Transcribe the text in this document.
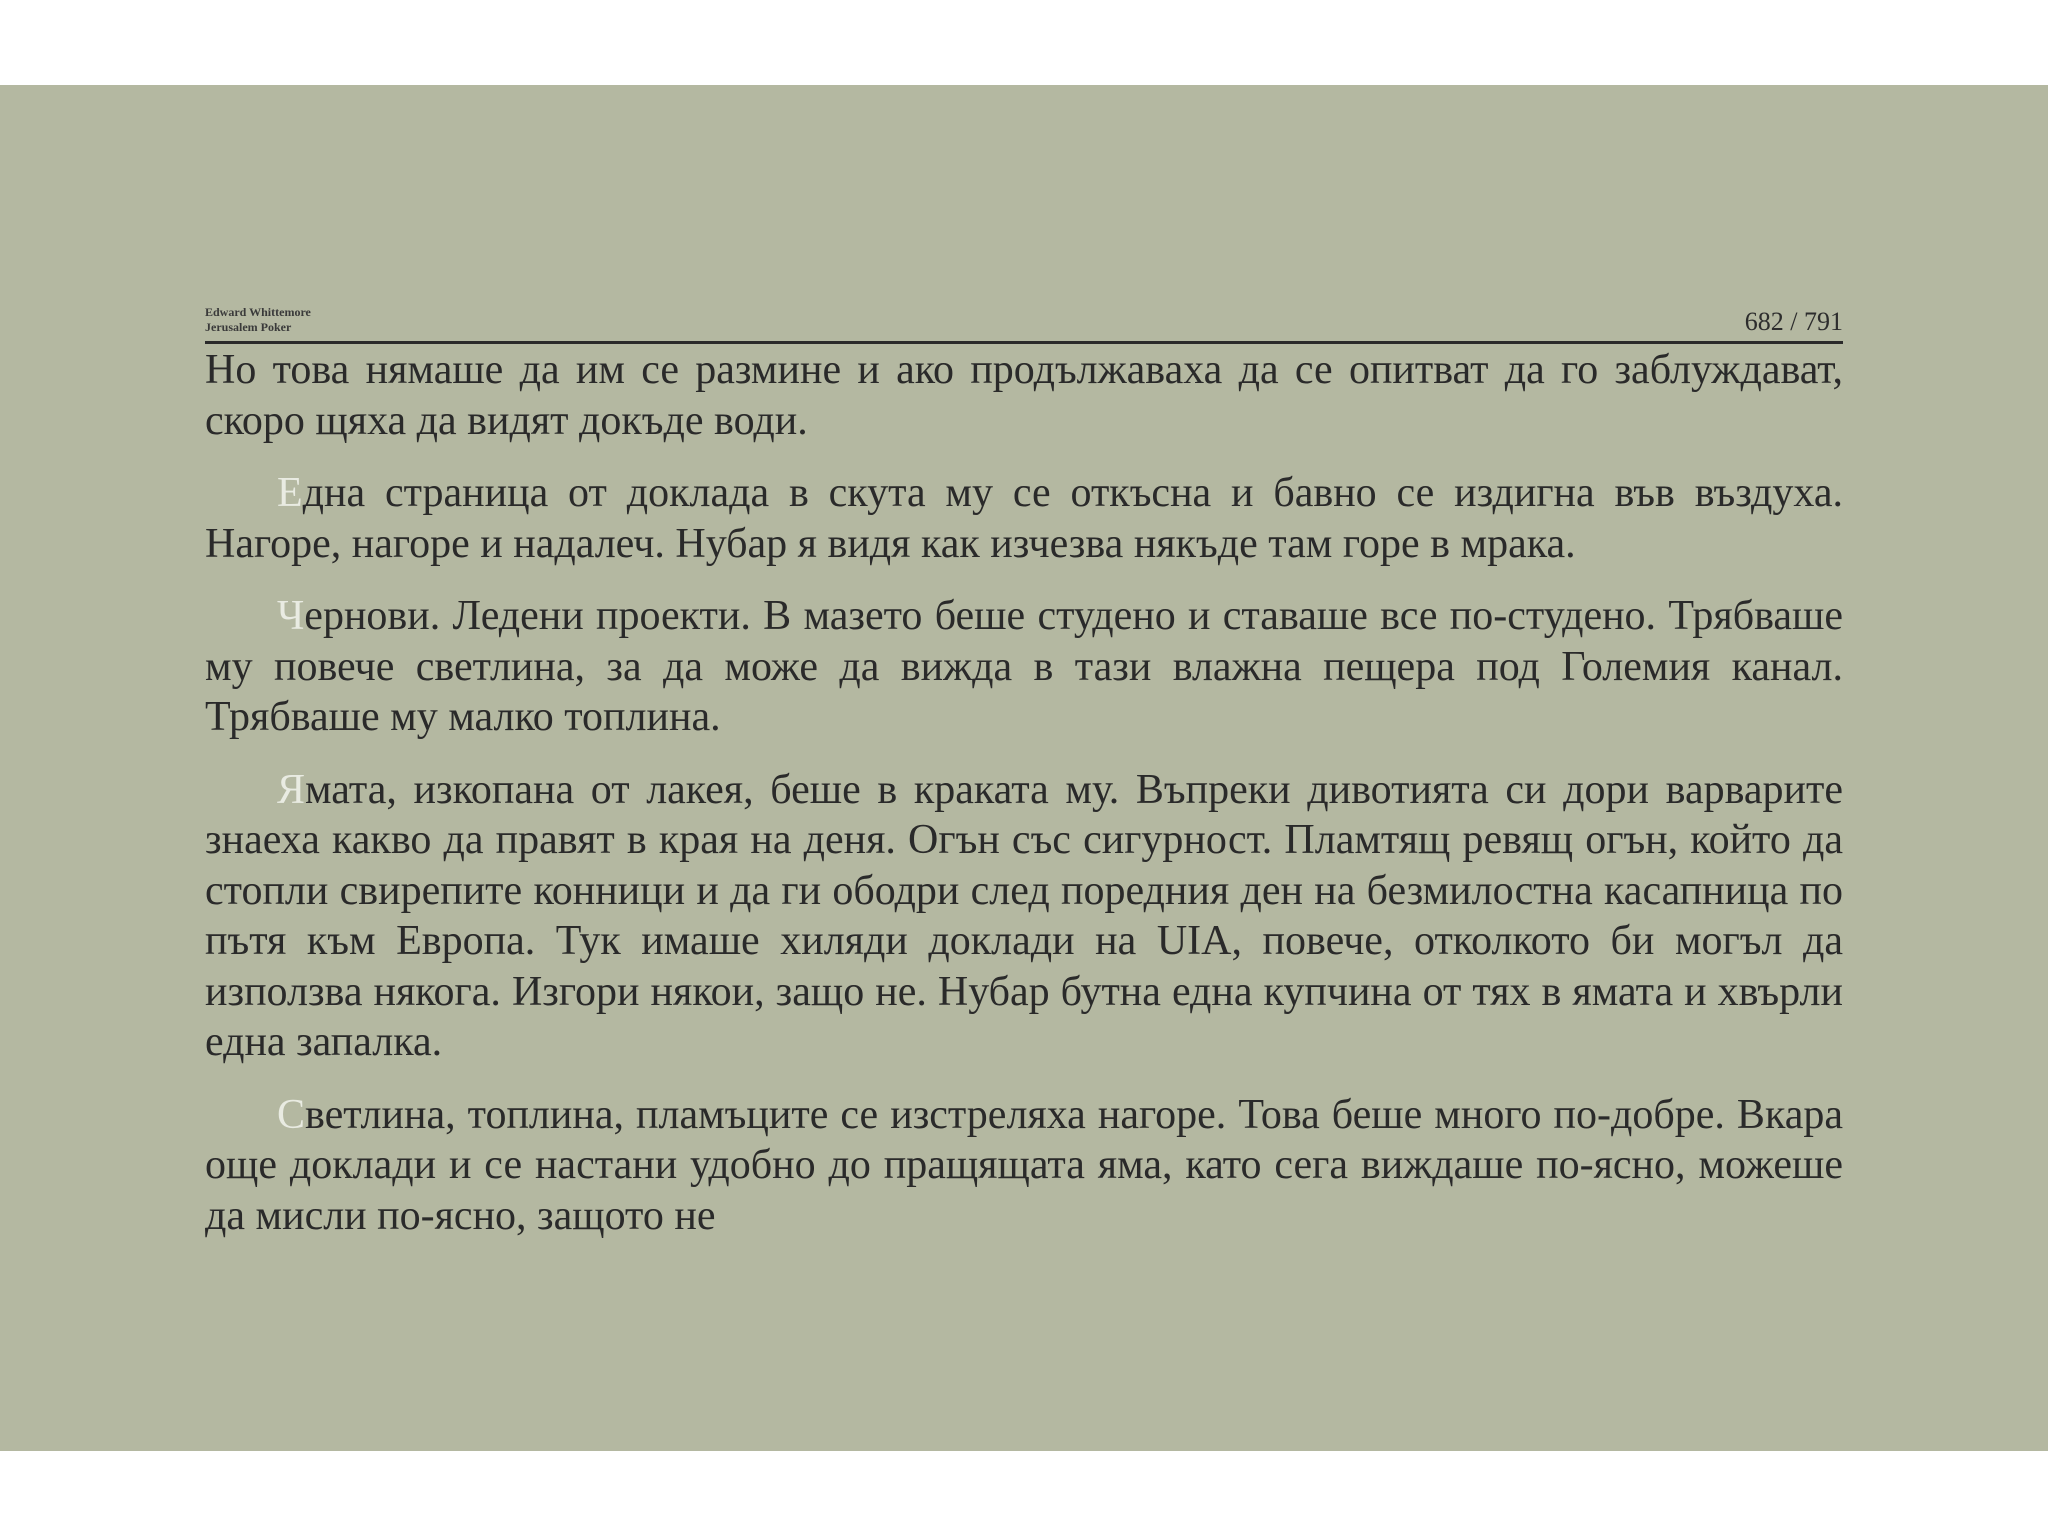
Edward Whittemore
Jerusalem Poker	682 / 791

Но това нямаше да им се размине и ако продължаваха да се опитват да го заблуждават, скоро щяха да видят докъде води.

Една страница от доклада в скута му се откъсна и бавно се издигна във въздуха. Нагоре, нагоре и надалеч. Нубар я видя как изчезва някъде там горе в мрака.

Чернови. Ледени проекти. В мазето беше студено и ставаше все по-студено. Трябваше му повече светлина, за да може да вижда в тази влажна пещера под Големия канал. Трябваше му малко топлина.

Ямата, изкопана от лакея, беше в краката му. Въпреки дивотията си дори варварите знаеха какво да правят в края на деня. Огън със сигурност. Пламтящ ревящ огън, който да стопли свирепите конници и да ги ободри след поредния ден на безмилостна касапница по пътя към Европа. Тук имаше хиляди доклади на UIA, повече, отколкото би могъл да използва някога. Изгори някои, защо не. Нубар бутна една купчина от тях в ямата и хвърли една запалка.

Светлина, топлина, пламъците се изстреляха нагоре. Това беше много по-добре. Вкара още доклади и се настани удобно до пращящата яма, като сега виждаше по-ясно, можеше да мисли по-ясно, защото не
